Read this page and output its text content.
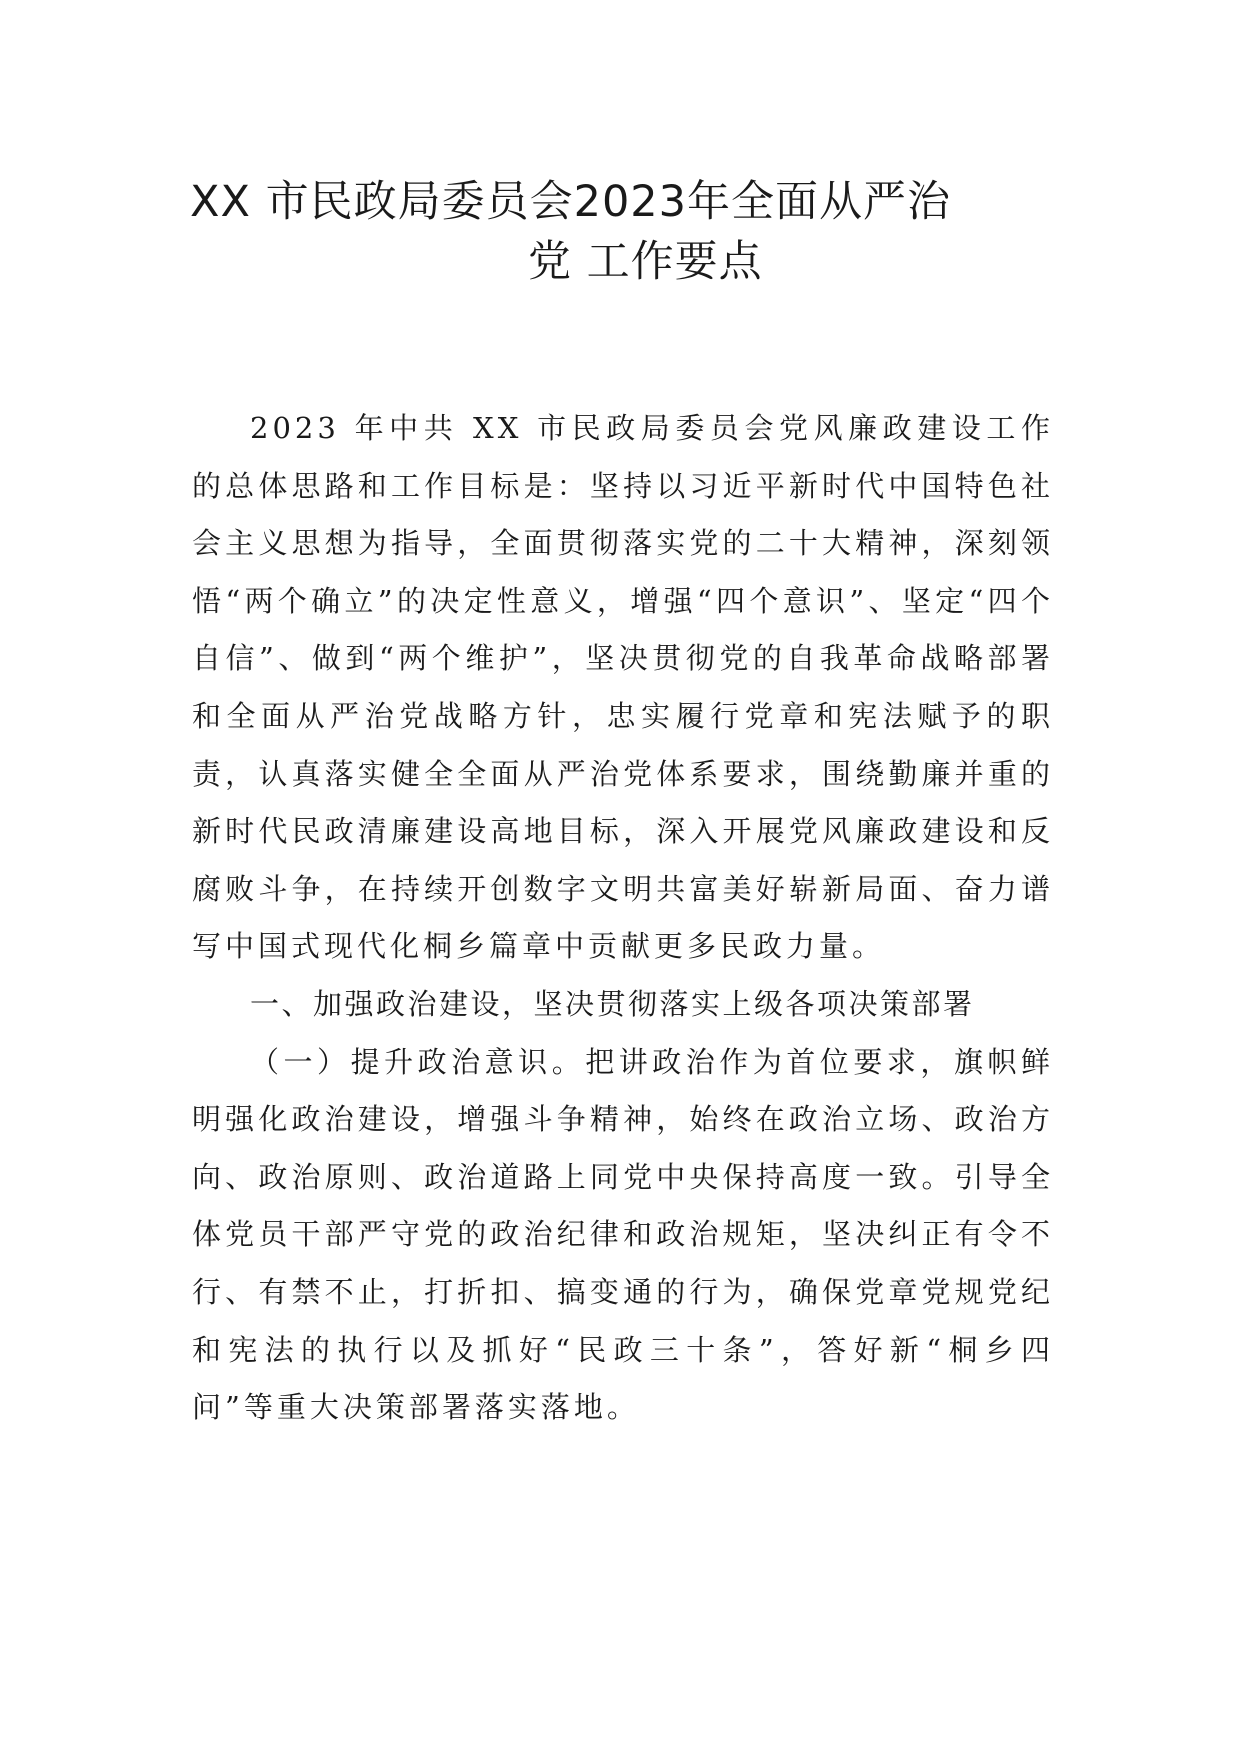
XX 市民政局委员会2023年全面从严治
党 工作要点

2023 年中共 XX 市民政局委员会党风廉政建设工作的总体思路和工作目标是：坚持以习近平新时代中国特色社会主义思想为指导，全面贯彻落实党的二十大精神，深刻领悟“两个确立”的决定性意义，增强“四个意识”、坚定“四个自信”、做到“两个维护”，坚决贯彻党的自我革命战略部署和全面从严治党战略方针，忠实履行党章和宪法赋予的职责，认真落实健全全面从严治党体系要求，围绕勤廉并重的新时代民政清廉建设高地目标，深入开展党风廉政建设和反腐败斗争，在持续开创数字文明共富美好崭新局面、奋力谱写中国式现代化桐乡篇章中贡献更多民政力量。

一、加强政治建设，坚决贯彻落实上级各项决策部署

（一）提升政治意识。把讲政治作为首位要求，旗帜鲜明强化政治建设，增强斗争精神，始终在政治立场、政治方向、政治原则、政治道路上同党中央保持高度一致。引导全体党员干部严守党的政治纪律和政治规矩，坚决纠正有令不行、有禁不止，打折扣、搞变通的行为，确保党章党规党纪和宪法的执行以及抓好“民政三十条”，答好新“桐乡四问”等重大决策部署落实落地。
